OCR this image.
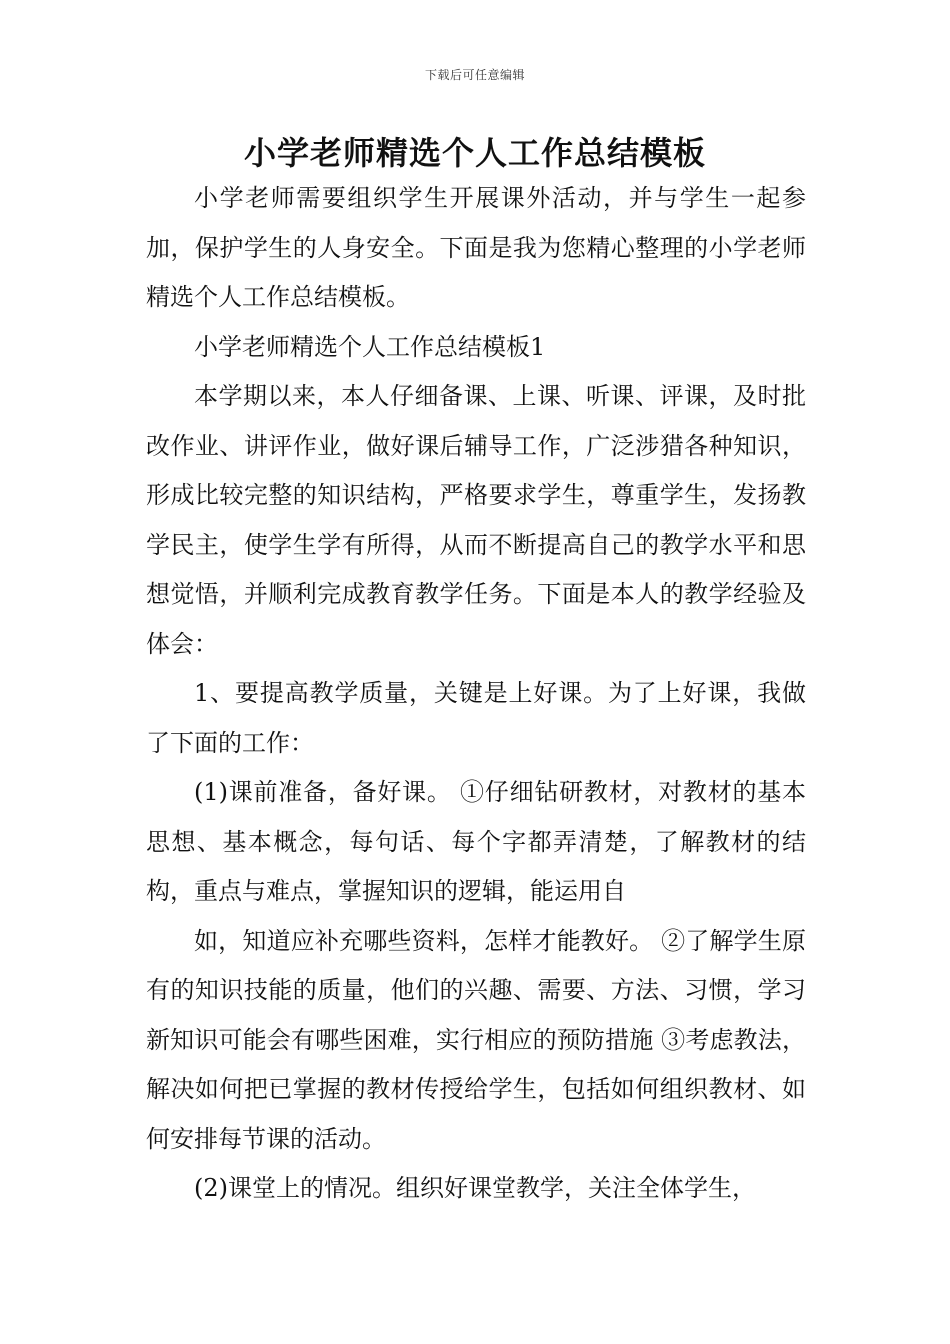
下载后可任意编辑
小学老师精选个人工作总结模板

小学老师需要组织学生开展课外活动，并与学生一起参加，保护学生的人身安全。下面是我为您精心整理的小学老师精选个人工作总结模板。

小学老师精选个人工作总结模板1

本学期以来，本人仔细备课、上课、听课、评课，及时批改作业、讲评作业，做好课后辅导工作，广泛涉猎各种知识，形成比较完整的知识结构，严格要求学生，尊重学生，发扬教学民主，使学生学有所得，从而不断提高自己的教学水平和思想觉悟，并顺利完成教育教学任务。下面是本人的教学经验及体会：

1、要提高教学质量，关键是上好课。为了上好课，我做了下面的工作：

(1)课前准备，备好课。 ①仔细钻研教材，对教材的基本思想、基本概念，每句话、每个字都弄清楚，了解教材的结构，重点与难点，掌握知识的逻辑，能运用自

如，知道应补充哪些资料，怎样才能教好。 ②了解学生原有的知识技能的质量，他们的兴趣、需要、方法、习惯，学习新知识可能会有哪些困难，实行相应的预防措施 ③考虑教法，解决如何把已掌握的教材传授给学生，包括如何组织教材、如何安排每节课的活动。

(2)课堂上的情况。组织好课堂教学，关注全体学生，
